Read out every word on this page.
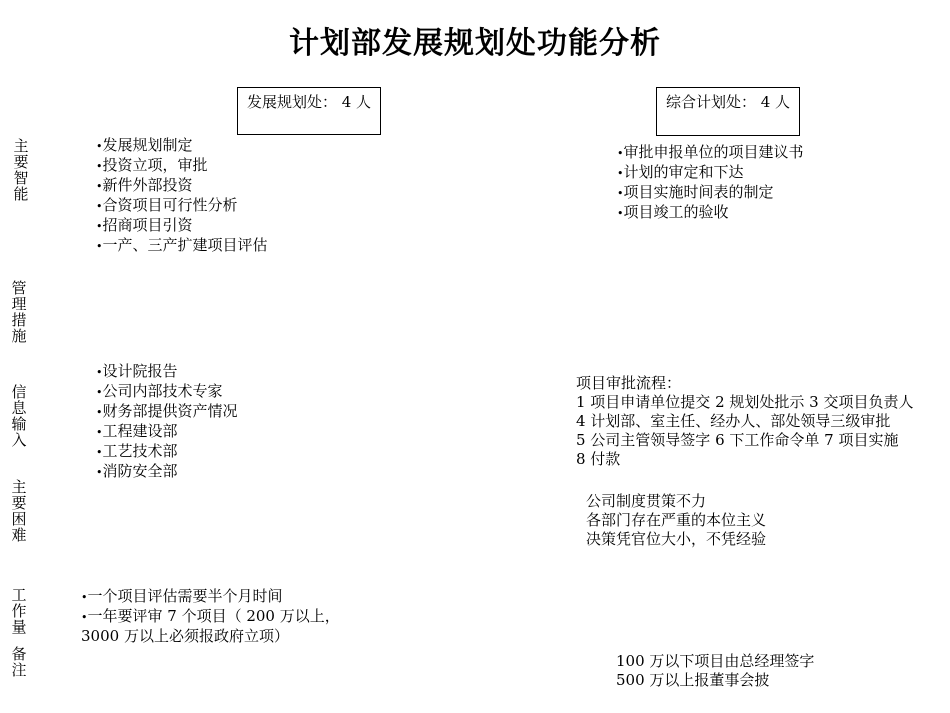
计划部发展规划处功能分析
发展规划处： 4 人	综合计划处： 4 人
主要智能
管理措施
信息输入
主要困难
工作量
备注
• 发展规划制定
• 投资立项，审批
• 新件外部投资
• 合资项目可行性分析
• 招商项目引资
• 一产、三产扩建项目评估
• 审批申报单位的项目建议书
• 计划的审定和下达
• 项目实施时间表的制定
• 项目竣工的验收
• 设计院报告
• 公司内部技术专家
• 财务部提供资产情况
• 工程建设部
• 工艺技术部
• 消防安全部
项目审批流程：
1 项目申请单位提交 2 规划处批示 3 交项目负责人
4 计划部、室主任、经办人、部处领导三级审批
5 公司主管领导签字 6 下工作命令单 7 项目实施
8 付款
公司制度贯策不力
各部门存在严重的本位主义
决策凭官位大小，不凭经验
•一个项目评估需要半个月时间
•一年要评审 7 个项目（ 200 万以上，
3000 万以上必须报政府立项）
100 万以下项目由总经理签字
500 万以上报董事会披
